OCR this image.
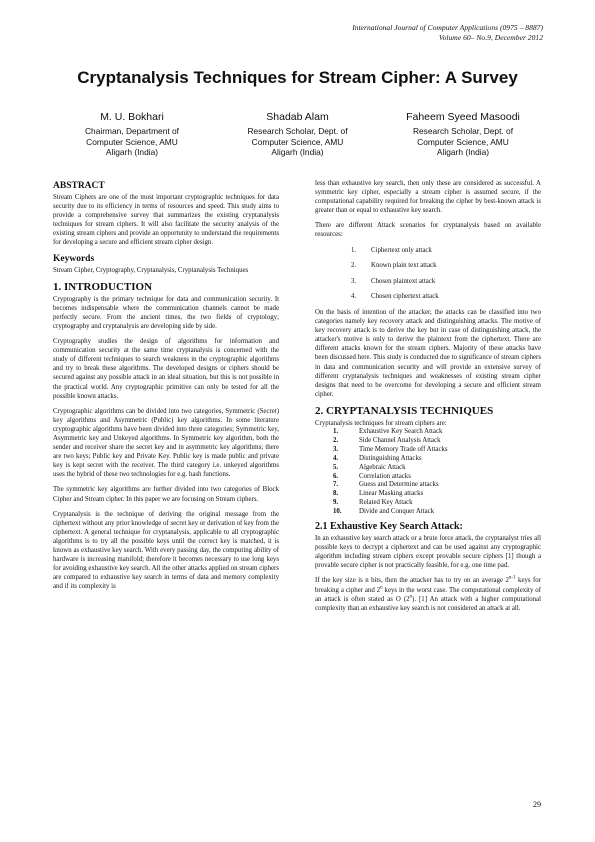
International Journal of Computer Applications (0975 – 8887)
Volume 60– No.9, December 2012
Cryptanalysis Techniques for Stream Cipher: A Survey
M. U. Bokhari
Chairman, Department of
Computer Science, AMU
Aligarh (India)
Shadab Alam
Research Scholar, Dept. of
Computer Science, AMU
Aligarh (India)
Faheem Syeed Masoodi
Research Scholar, Dept. of
Computer Science, AMU
Aligarh (India)
ABSTRACT

Stream Ciphers are one of the most important cryptographic techniques for data security due to its efficiency in terms of resources and speed. This study aims to provide a comprehensive survey that summarizes the existing cryptanalysis techniques for stream ciphers. It will also facilitate the security analysis of the existing stream ciphers and provide an opportunity to understand the requirements for developing a secure and efficient stream cipher design.

Keywords

Stream Cipher, Cryptography, Cryptanalysis, Cryptanalysis Techniques

1. INTRODUCTION

Cryptography is the primary technique for data and communication security. It becomes indispensable where the communication channels cannot be made perfectly secure. From the ancient times, the two fields of cryptology; cryptography and cryptanalysis are developing side by side.

Cryptography studies the design of algorithms for information and communication security at the same time cryptanalysis is concerned with the study of different techniques to search weakness in the cryptographic algorithms and try to break these algorithms. The developed designs or ciphers should be secured against any possible attack in an ideal situation, but this is not possible in the practical world. Any cryptographic primitive can only be tested for all the possible known attacks.

Cryptographic algorithms can be divided into two categories, Symmetric (Secret) key algorithms and Asymmetric (Public) key algorithms. In some literature cryptographic algorithms have been divided into three categories; Symmetric key, Asymmetric key and Unkeyed algorithms. In Symmetric key algorithm, both the sender and receiver share the secret key and in asymmetric key algorithms; there are two keys; Public key and Private Key. Public key is made public and private key is kept secret with the receiver. The third category i.e. unkeyed algorithms uses the hybrid of these two technologies for e.g. hash functions.

The symmetric key algorithms are further divided into two categories of Block Cipher and Stream cipher. In this paper we are focusing on Stream ciphers.

Cryptanalysis is the technique of deriving the original message from the ciphertext without any prior knowledge of secret key or derivation of key from the ciphertext. A general technique for cryptanalysis, applicable to all cryptographic algorithms is to try all the possible keys until the correct key is matched, it is known as exhaustive key search. With every passing day, the computing ability of hardware is increasing manifold; therefore it becomes necessary to use long keys for avoiding exhaustive key search. All the other attacks applied on stream ciphers are compared to exhaustive key search in terms of data and memory complexity and if its complexity is

less than exhaustive key search, then only these are considered as successful. A symmetric key cipher, especially a stream cipher is assumed secure, if the computational capability required for breaking the cipher by best-known attack is greater than or equal to exhaustive key search.

There are different Attack scenarios for cryptanalysis based on available resources:

1. Ciphertext only attack
2. Known plain text attack
3. Chosen plaintext attack
4. Chosen ciphertext attack

On the basis of intention of the attacker, the attacks can be classified into two categories namely key recovery attack and distinguishing attacks. The motive of key recovery attack is to derive the key but in case of distinguishing attack, the attacker's motive is only to derive the plaintext from the ciphertext. There are different attacks known for the stream ciphers. Majority of these attacks have been discussed here. This study is conducted due to significance of stream ciphers in data and communication security and will provide an extensive survey of different cryptanalysis techniques and weaknesses of existing stream cipher designs that need to be overcome for developing a secure and efficient stream cipher.

2. CRYPTANALYSIS TECHNIQUES

Cryptanalysis techniques for stream ciphers are:

1.	Exhaustive Key Search Attack
2.	Side Channel Analysis Attack
3.	Time Memory Trade off Attacks
4.	Distinguishing Attacks
5.	Algebraic Attack
6.	Correlation attacks
7.	Guess and Determine attacks
8.	Linear Masking attacks
9.	Related Key Attack
10.	Divide and Conquer Attack
2.1 Exhaustive Key Search Attack:

In an exhaustive key search attack or a brute force attack, the cryptanalyst tries all possible keys to decrypt a ciphertext and can be used against any cryptographic algorithm including stream ciphers except provable secure ciphers [1] though a provable secure cipher is not practically feasible, for e.g. one time pad.

If the key size is n bits, then the attacker has to try on an average 2$^{n-1}$ keys for breaking a cipher and 2$^n$ keys in the worst case. The computational complexity of an attack is often stated as O (2$^n$). [1] An attack with a higher computational complexity than an exhaustive key search is not considered an attack at all.

29
